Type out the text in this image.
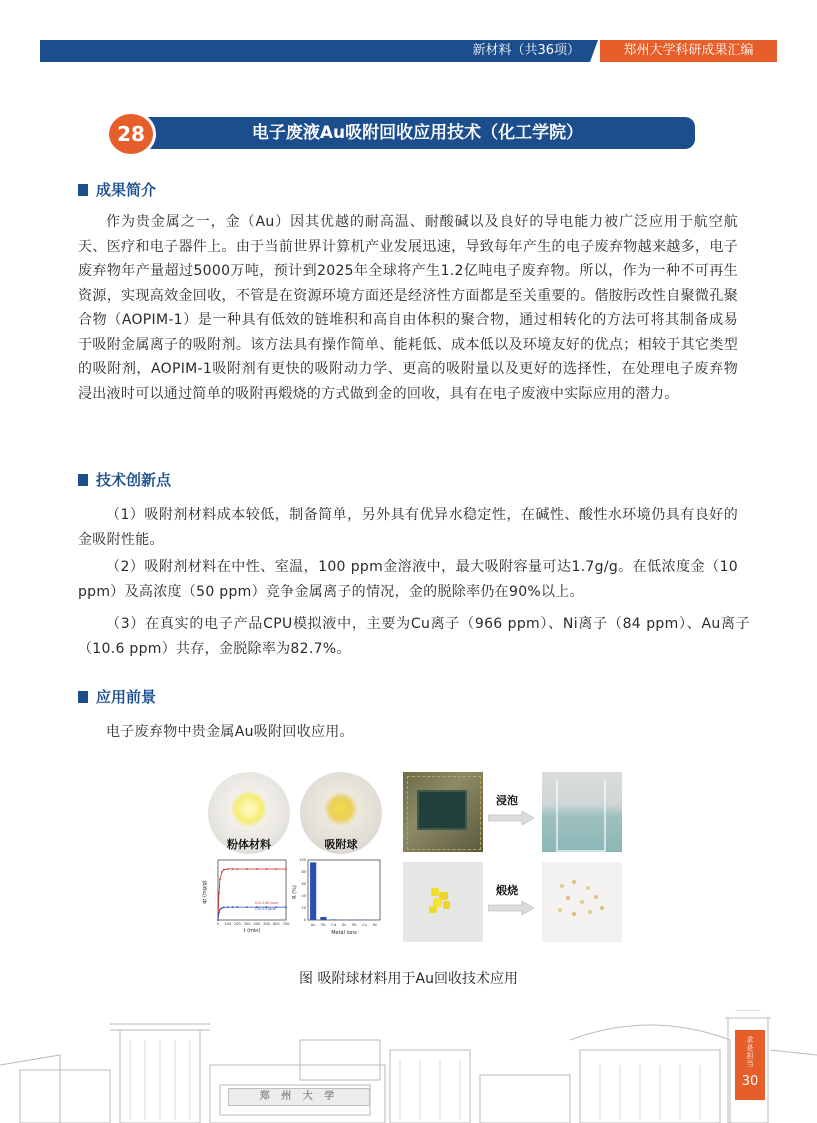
新材料（共36项）	郑州大学科研成果汇编
电子废液Au吸附回收应用技术（化工学院）
28
成果简介
作为贵金属之一，金（Au）因其优越的耐高温、耐酸碱以及良好的导电能力被广泛应用于航空航天、医疗和电子器件上。由于当前世界计算机产业发展迅速，导致每年产生的电子废弃物越来越多，电子废弃物年产量超过5000万吨，预计到2025年全球将产生1.2亿吨电子废弃物。所以，作为一种不可再生资源，实现高效金回收，不管是在资源环境方面还是经济性方面都是至关重要的。偕胺肟改性自聚微孔聚合物（AOPIM-1）是一种具有低效的链堆积和高自由体积的聚合物，通过相转化的方法可将其制备成易于吸附金属离子的吸附剂。该方法具有操作简单、能耗低、成本低以及环境友好的优点；相较于其它类型的吸附剂，AOPIM-1吸附剂有更快的吸附动力学、更高的吸附量以及更好的选择性，在处理电子废弃物浸出液时可以通过简单的吸附再煅烧的方式做到金的回收，具有在电子废液中实际应用的潜力。
技术创新点
（1）吸附剂材料成本较低，制备简单，另外具有优异水稳定性，在碱性、酸性水环境仍具有良好的金吸附性能。
（2）吸附剂材料在中性、室温，100 ppm金溶液中，最大吸附容量可达1.7g/g。在低浓度金（10 ppm）及高浓度（50 ppm）竞争金属离子的情况，金的脱除率仍在90%以上。
（3）在真实的电子产品CPU模拟液中，主要为Cu离子（966 ppm）、Ni离子（84 ppm）、Au离子（10.6 ppm）共存，金脱除率为82.7%。
应用前景
电子废弃物中贵金属Au吸附回收应用。
粉体材料	吸附球
C0=100 ppm
C0=10 ppm
0 100 200 300 400 500 600 700
t (min)
qt (mg/g)
Au Pb Cd Zn Pb Cu Ni
0
20
40
60
80
100
Metal ions
R (%)
浸泡
煅烧
图 吸附球材料用于Au回收技术应用
郑 州 大 学
求是担当
30
